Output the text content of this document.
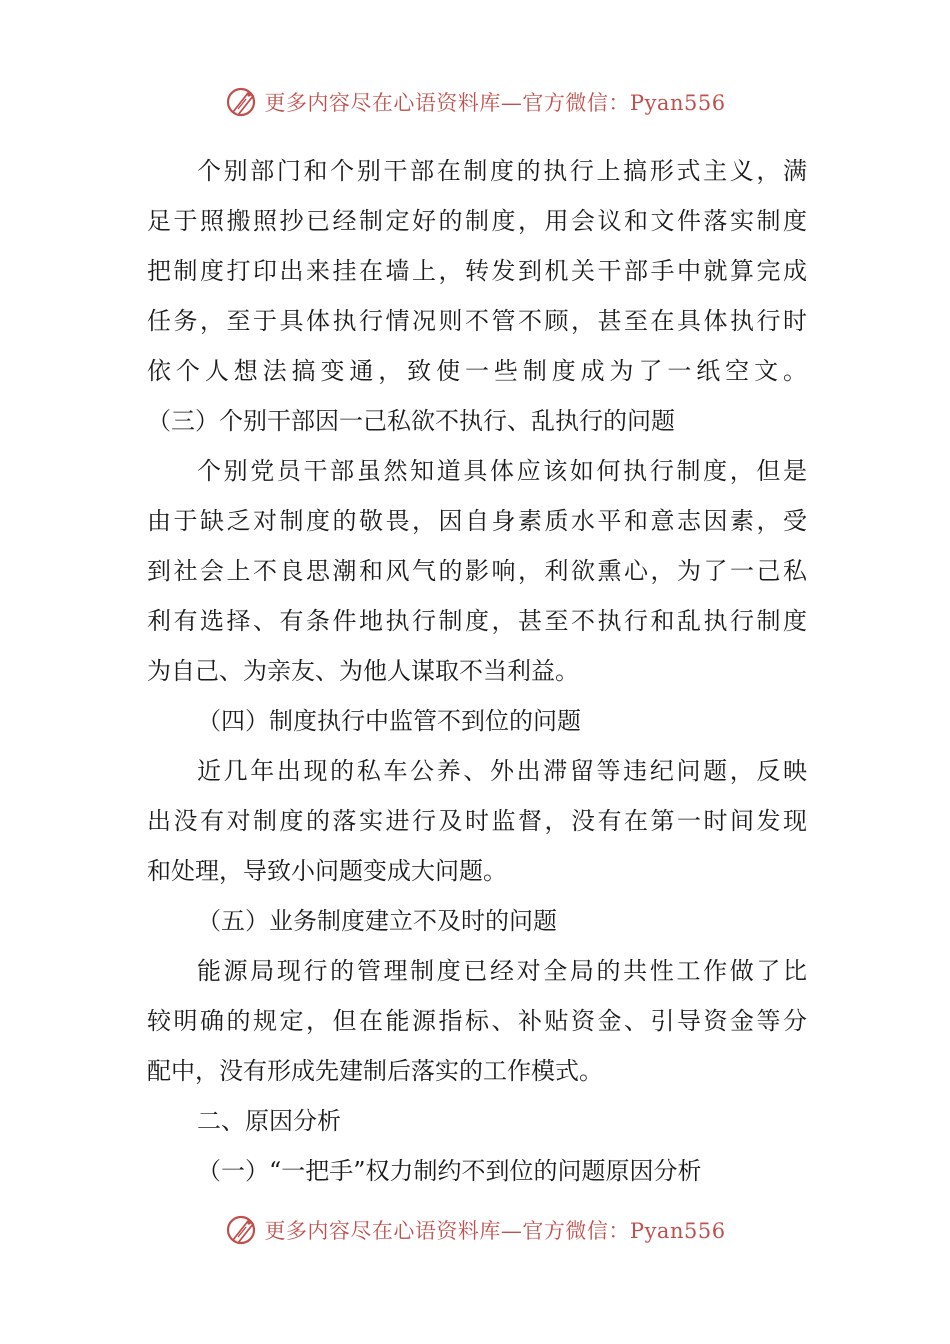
更多内容尽在心语资料库—官方微信：Pyan556
个别部门和个别干部在制度的执行上搞形式主义，满
足于照搬照抄已经制定好的制度，用会议和文件落实制度
把制度打印出来挂在墙上，转发到机关干部手中就算完成
任务，至于具体执行情况则不管不顾，甚至在具体执行时
依个人想法搞变通，致使一些制度成为了一纸空文。
（三）个别干部因一己私欲不执行、乱执行的问题
个别党员干部虽然知道具体应该如何执行制度，但是
由于缺乏对制度的敬畏，因自身素质水平和意志因素，受
到社会上不良思潮和风气的影响，利欲熏心，为了一己私
利有选择、有条件地执行制度，甚至不执行和乱执行制度
为自己、为亲友、为他人谋取不当利益。
（四）制度执行中监管不到位的问题
近几年出现的私车公养、外出滞留等违纪问题，反映
出没有对制度的落实进行及时监督，没有在第一时间发现
和处理，导致小问题变成大问题。
（五）业务制度建立不及时的问题
能源局现行的管理制度已经对全局的共性工作做了比
较明确的规定，但在能源指标、补贴资金、引导资金等分
配中，没有形成先建制后落实的工作模式。
二、原因分析
（一）“一把手”权力制约不到位的问题原因分析
更多内容尽在心语资料库—官方微信：Pyan556
